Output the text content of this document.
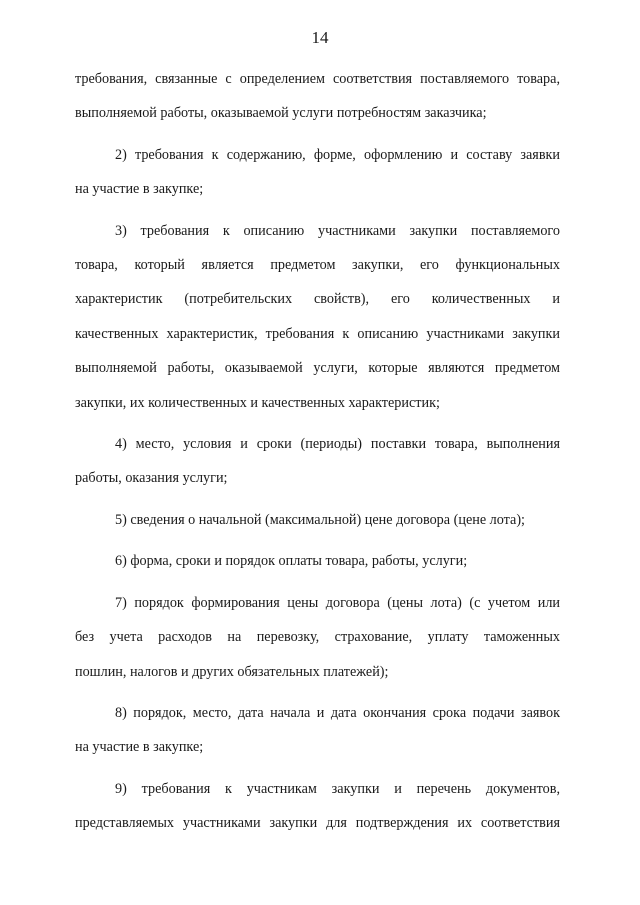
14
требования, связанные с определением соответствия поставляемого товара,
выполняемой работы, оказываемой услуги потребностям заказчика;
2) требования к содержанию, форме, оформлению и составу заявки
на участие в закупке;
3) требования к описанию участниками закупки поставляемого
товара, который является предметом закупки, его функциональных
характеристик (потребительских свойств), его количественных и
качественных характеристик, требования к описанию участниками закупки
выполняемой работы, оказываемой услуги, которые являются предметом
закупки, их количественных и качественных характеристик;
4) место, условия и сроки (периоды) поставки товара, выполнения
работы, оказания услуги;
5) сведения о начальной (максимальной) цене договора (цене лота);
6) форма, сроки и порядок оплаты товара, работы, услуги;
7) порядок формирования цены договора (цены лота) (с учетом или
без учета расходов на перевозку, страхование, уплату таможенных
пошлин, налогов и других обязательных платежей);
8) порядок, место, дата начала и дата окончания срока подачи заявок
на участие в закупке;
9) требования к участникам закупки и перечень документов,
представляемых участниками закупки для подтверждения их соответствия
